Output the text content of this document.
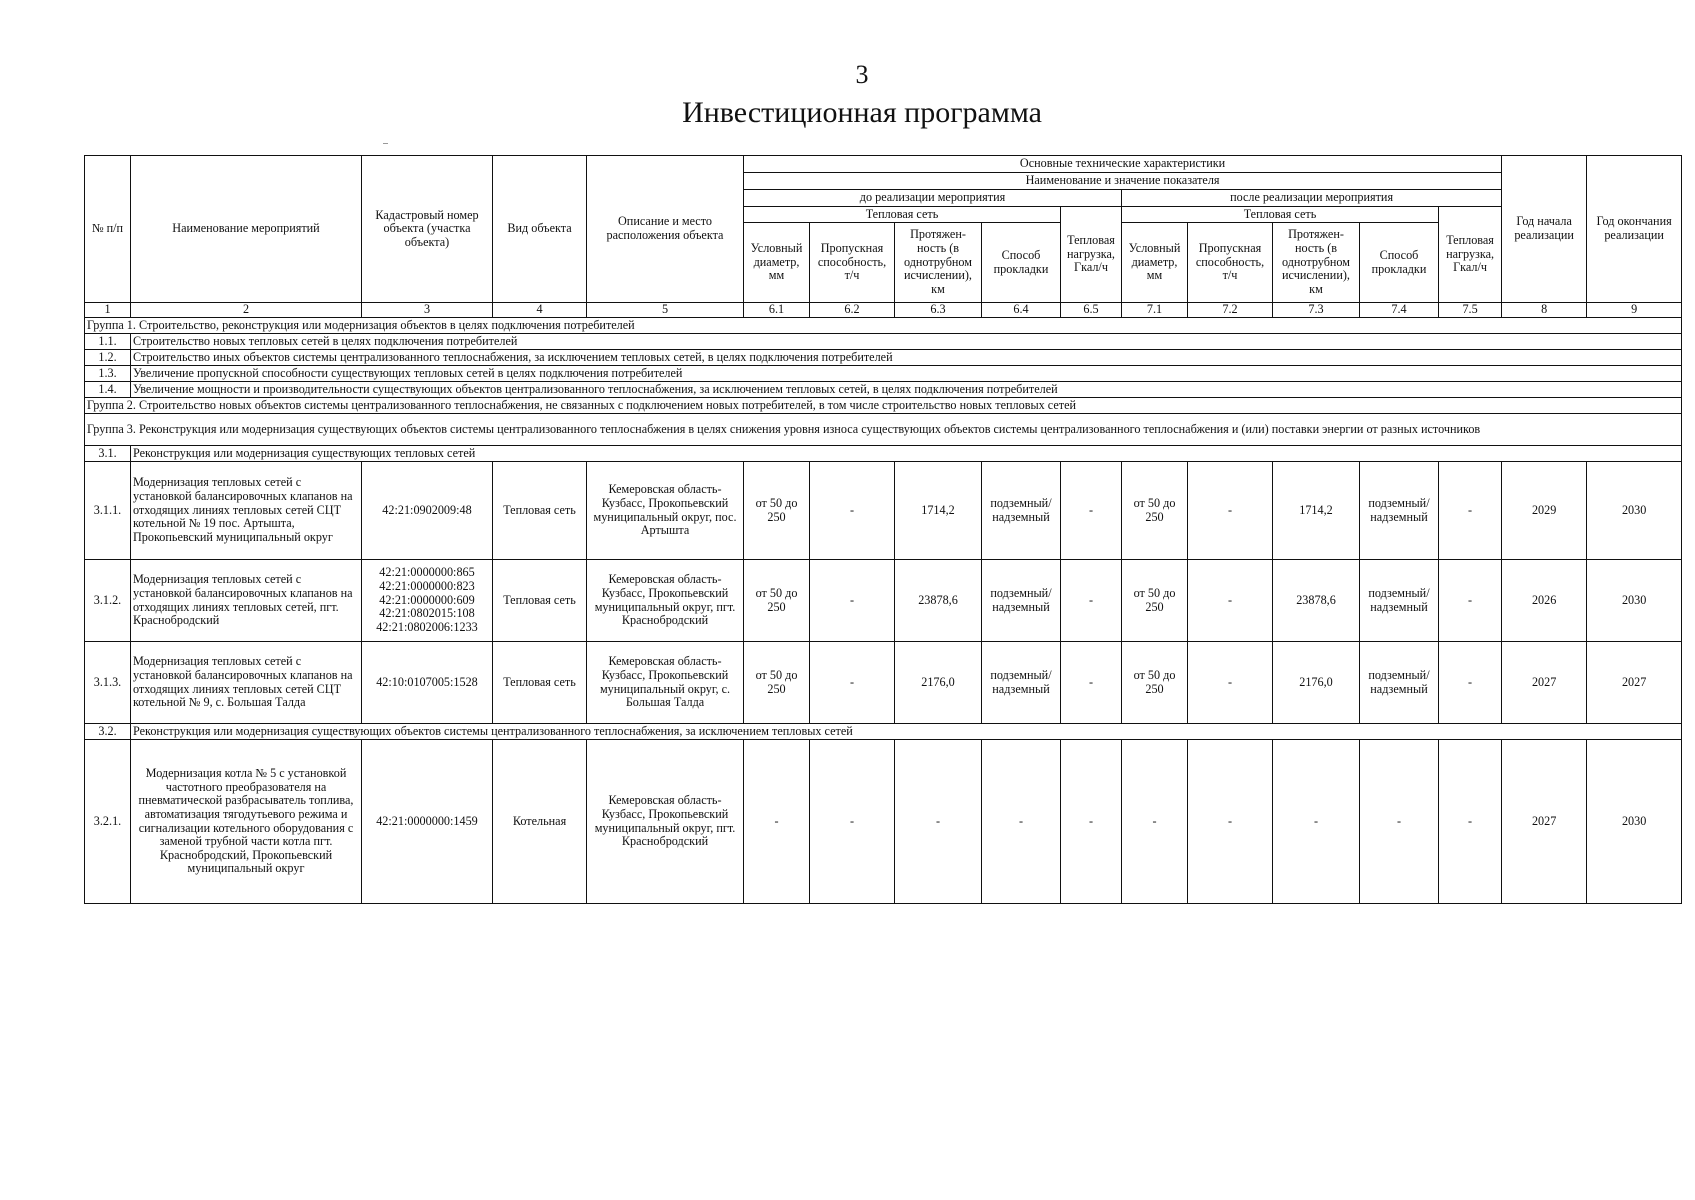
3
Инвестиционная программа
№ п/п	Наименование мероприятий	Кадастровый номер объекта (участка объекта)	Вид объекта	Описание и место расположения объекта	Основные технические характеристики										Год начала реализации	Год окончания реализации
					Наименование и значение показателя											
					до реализации мероприятия					после реализации мероприятия						
					Тепловая сеть				Тепловая нагрузка, Гкал/ч	Тепловая сеть				Тепловая нагрузка, Гкал/ч		
					Условный диаметр, мм	Пропускная способность, т/ч	Протяжен-ность (в однотрубном исчислении), км	Способ прокладки		Условный диаметр, мм	Пропускная способность, т/ч	Протяжен-ность (в однотрубном исчислении), км	Способ прокладки			
1	2	3	4	5	6.1	6.2	6.3	6.4	6.5	7.1	7.2	7.3	7.4	7.5	8	9
Группа 1. Строительство, реконструкция или модернизация объектов в целях подключения потребителей																
1.1.	Строительство новых тепловых сетей в целях подключения потребителей															
1.2.	Строительство иных объектов системы централизованного теплоснабжения, за исключением тепловых сетей, в целях подключения потребителей															
1.3.	Увеличение пропускной способности существующих тепловых сетей в целях подключения потребителей															
1.4.	Увеличение мощности и производительности существующих объектов централизованного теплоснабжения, за исключением тепловых сетей, в целях подключения потребителей															
Группа 2. Строительство новых объектов системы централизованного теплоснабжения, не связанных с подключением новых потребителей, в том числе строительство новых тепловых сетей																
Группа 3. Реконструкция или модернизация существующих объектов системы централизованного теплоснабжения в целях снижения уровня износа существующих объектов системы централизованного теплоснабжения и (или) поставки энергии от разных источников																
3.1.	Реконструкция или модернизация существующих тепловых сетей															
3.1.1.	Модернизация тепловых сетей с установкой балансировочных клапанов на отходящих линиях тепловых сетей СЦТ котельной № 19 пос. Артышта, Прокопьевский муниципальный округ	42:21:0902009:48	Тепловая сеть	Кемеровская область-Кузбасс, Прокопьевский муниципальный округ, пос. Артышта	от 50 до 250	-	1714,2	подземный/ надземный	-	от 50 до 250	-	1714,2	подземный/ надземный	-	2029	2030
3.1.2.	Модернизация тепловых сетей с установкой балансировочных клапанов на отходящих линиях тепловых сетей, пгт. Краснобродский	42:21:0000000:865 42:21:0000000:823 42:21:0000000:609 42:21:0802015:108 42:21:0802006:1233	Тепловая сеть	Кемеровская область-Кузбасс, Прокопьевский муниципальный округ, пгт. Краснобродский	от 50 до 250	-	23878,6	подземный/ надземный	-	от 50 до 250	-	23878,6	подземный/ надземный	-	2026	2030
3.1.3.	Модернизация тепловых сетей с установкой балансировочных клапанов на отходящих линиях тепловых сетей СЦТ котельной № 9, с. Большая Талда	42:10:0107005:1528	Тепловая сеть	Кемеровская область-Кузбасс, Прокопьевский муниципальный округ, с. Большая Талда	от 50 до 250	-	2176,0	подземный/ надземный	-	от 50 до 250	-	2176,0	подземный/ надземный	-	2027	2027
3.2.	Реконструкция или модернизация существующих объектов системы централизованного теплоснабжения, за исключением тепловых сетей															
3.2.1.	Модернизация котла № 5 с установкой частотного преобразователя на пневматической разбрасыватель топлива, автоматизация тягодутьевого режима и сигнализации котельного оборудования с заменой трубной части котла пгт. Краснобродский, Прокопьевский муниципальный округ	42:21:0000000:1459	Котельная	Кемеровская область-Кузбасс, Прокопьевский муниципальный округ, пгт. Краснобродский	-	-	-	-	-	-	-	-	-	-	2027	2030
